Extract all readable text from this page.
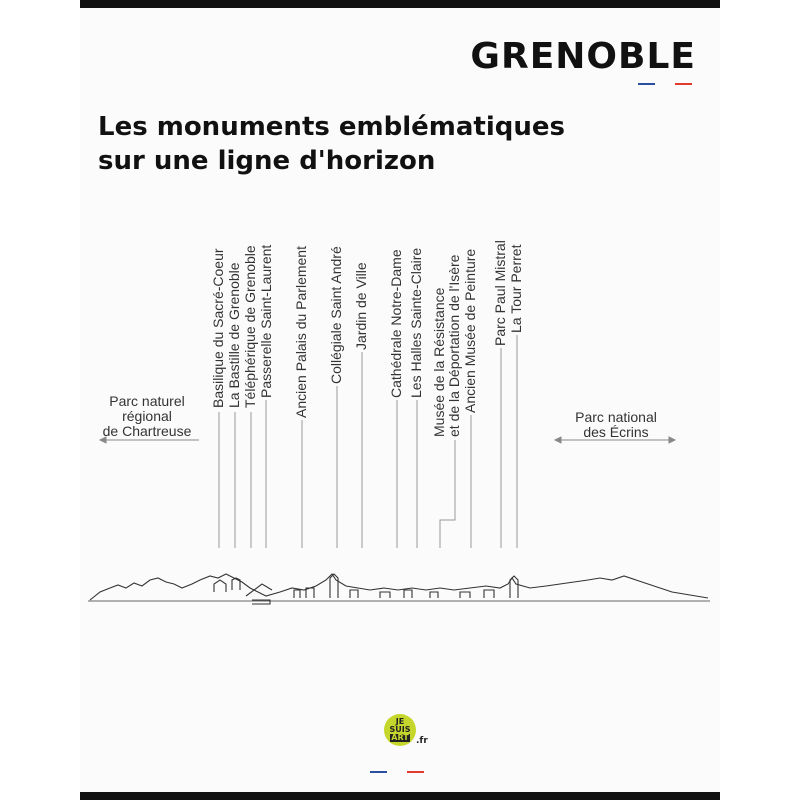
GRENOBLE
Les monuments emblématiques
sur une ligne d'horizon
Basilique du Sacré-Coeur La Bastille de Grenoble Téléphérique de Grenoble Passerelle Saint-Laurent Ancien Palais du Parlement Collégiale Saint André Jardin de Ville Cathédrale Notre-Dame Les Halles Sainte-Claire Musée de la Résistance et de la Déportation de l'Isère Ancien Musée de Peinture Parc Paul Mistral La Tour Perret
Parc naturel
régional
de Chartreuse
Parc national
des Écrins
JE
SUIS
ART .fr
